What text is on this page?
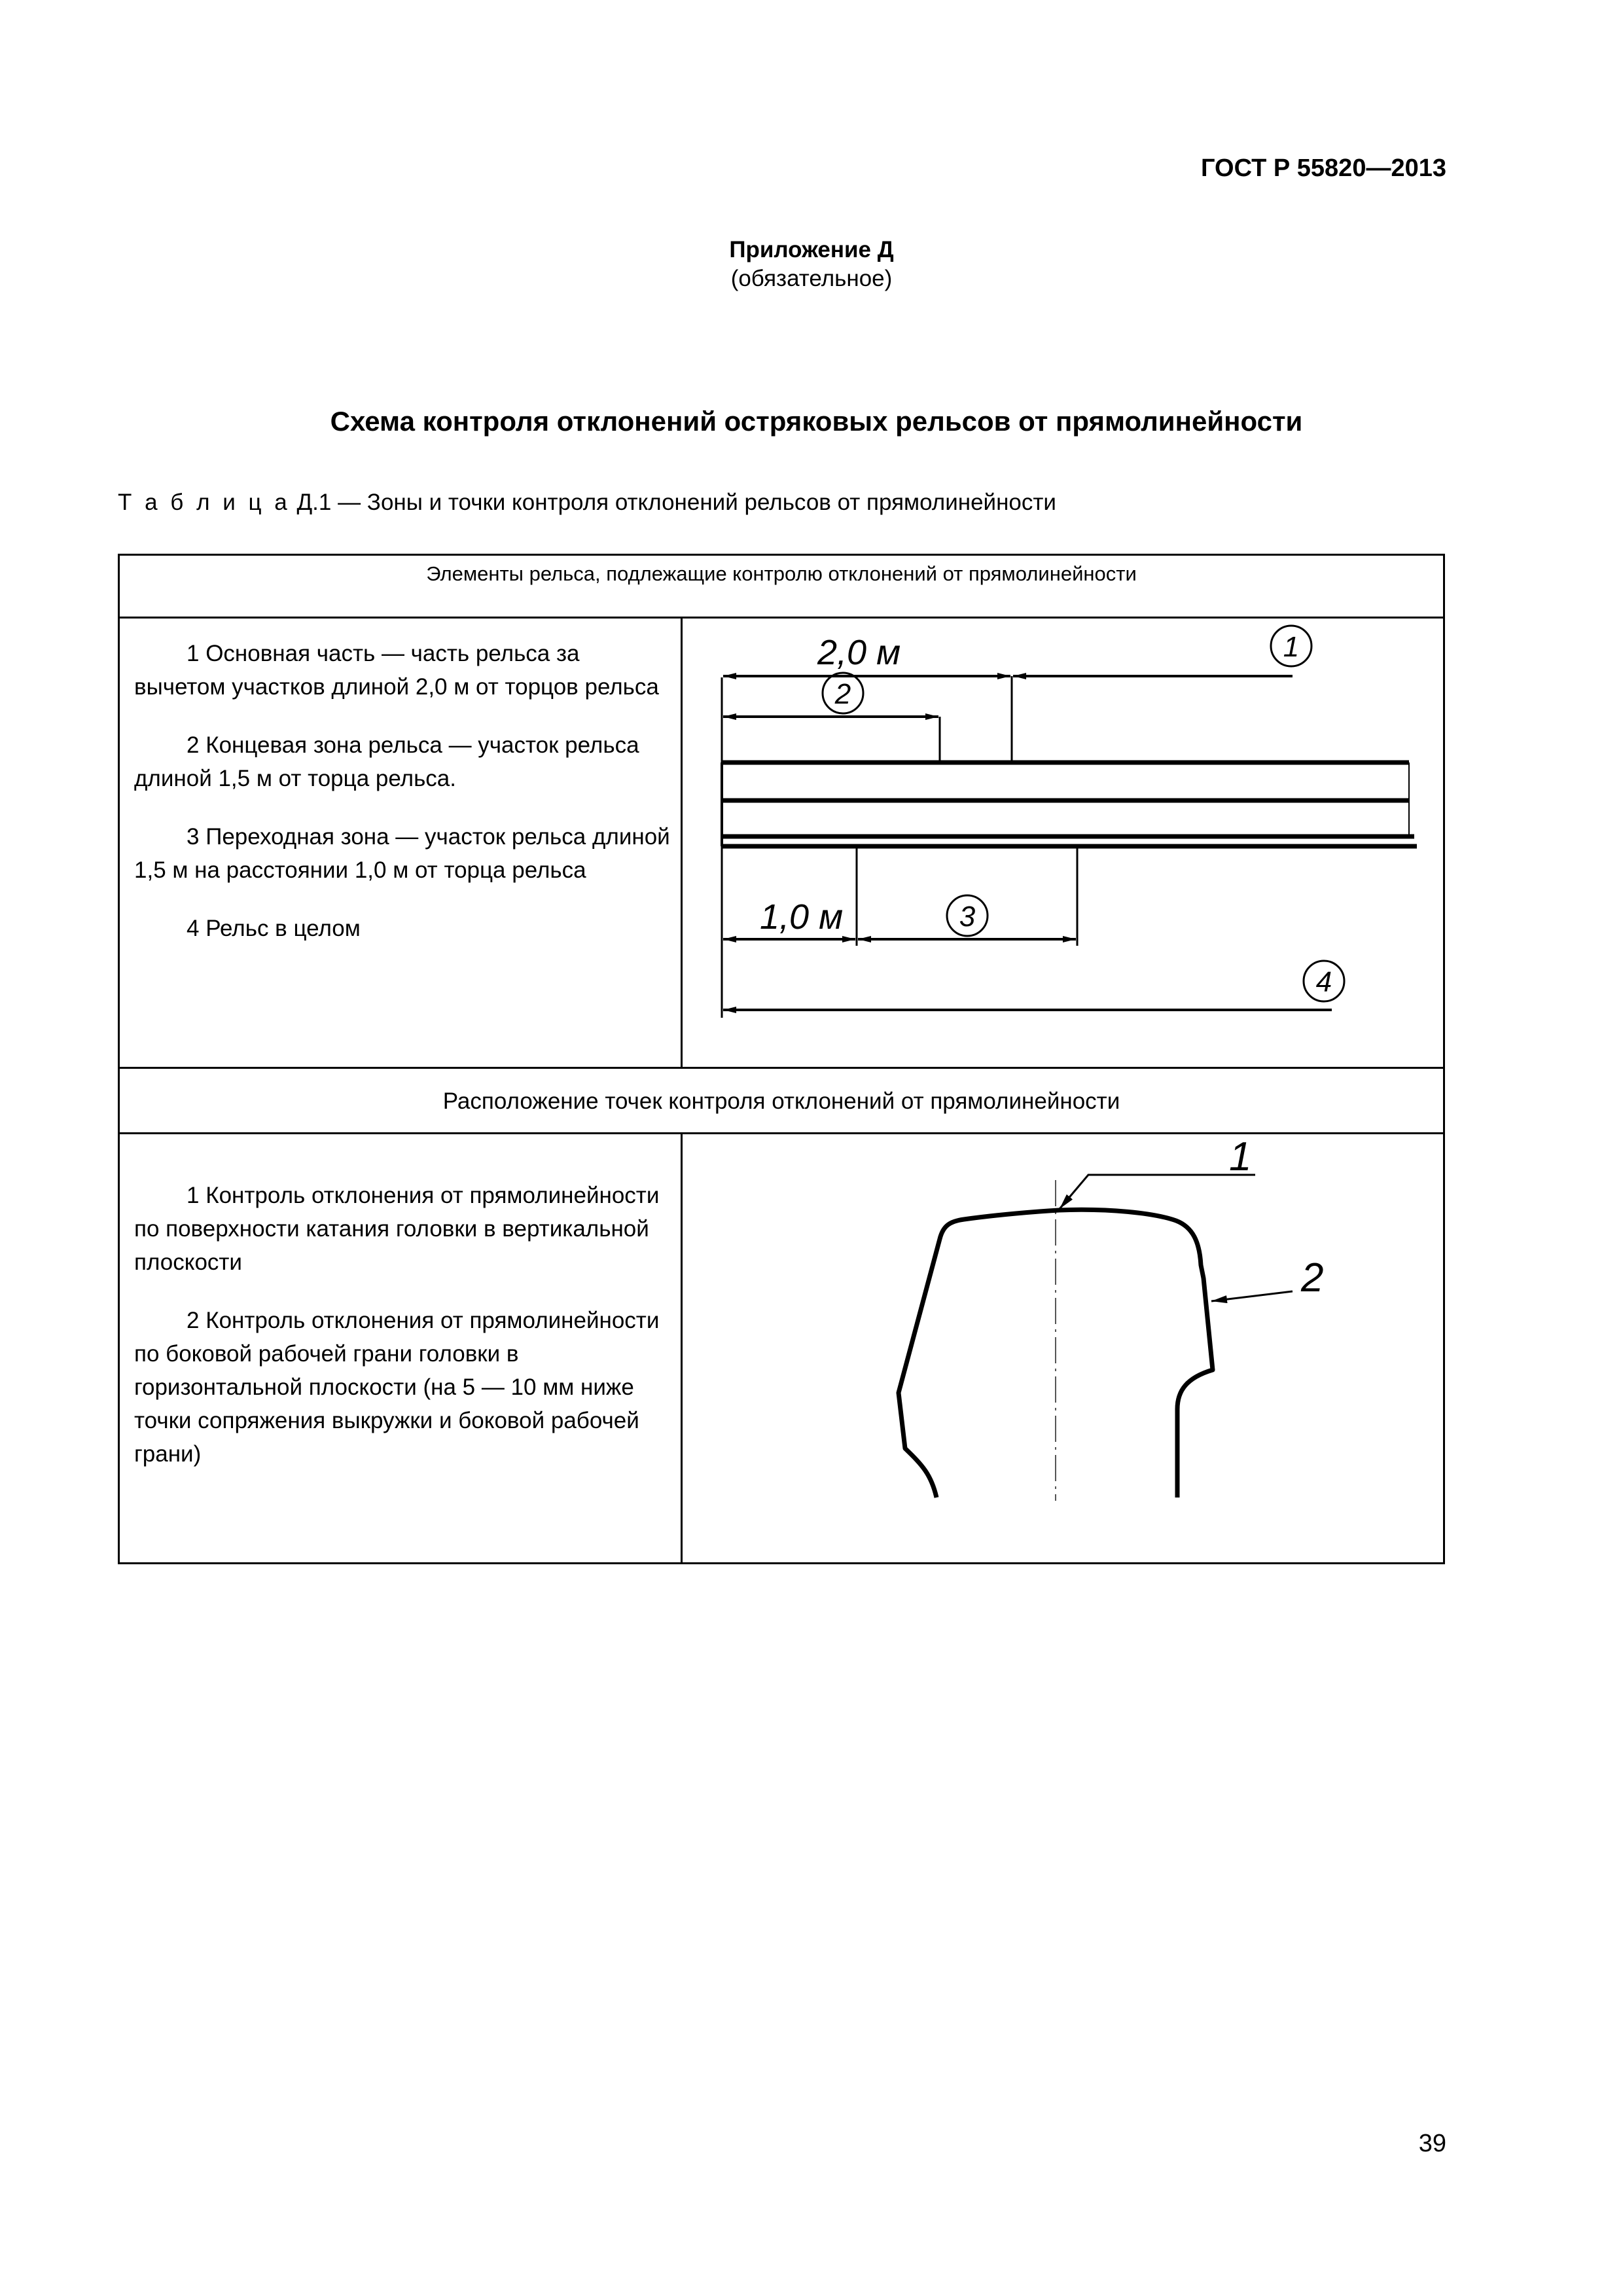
ГОСТ Р 55820—2013
Приложение Д
(обязательное)
Схема контроля отклонений остряковых рельсов от прямолинейности
Т а б л и ц а Д.1 — Зоны и точки контроля отклонений рельсов от прямолинейности
Элементы рельса, подлежащие контролю отклонений от прямолинейности

1 Основная часть — часть рельса за вычетом участков длиной 2,0 м от торцов рельса

2 Концевая зона рельса — участок рельса длиной 1,5 м от торца рельса.

3 Переходная зона — участок рельса длиной 1,5 м на расстоянии 1,0 м от торца рельса

4 Рельс в целом

2,0 м	1
2
1,0 м	3
4
Расположение точек контроля отклонений от прямолинейности

1 Контроль отклонения от прямолинейности по поверхности катания головки в вертикальной плоскости

2 Контроль отклонения от прямолинейности по боковой рабочей грани головки в горизонтальной плоскости (на 5 — 10 мм ниже точки сопряжения выкружки и боковой рабочей грани)

1
2
39
